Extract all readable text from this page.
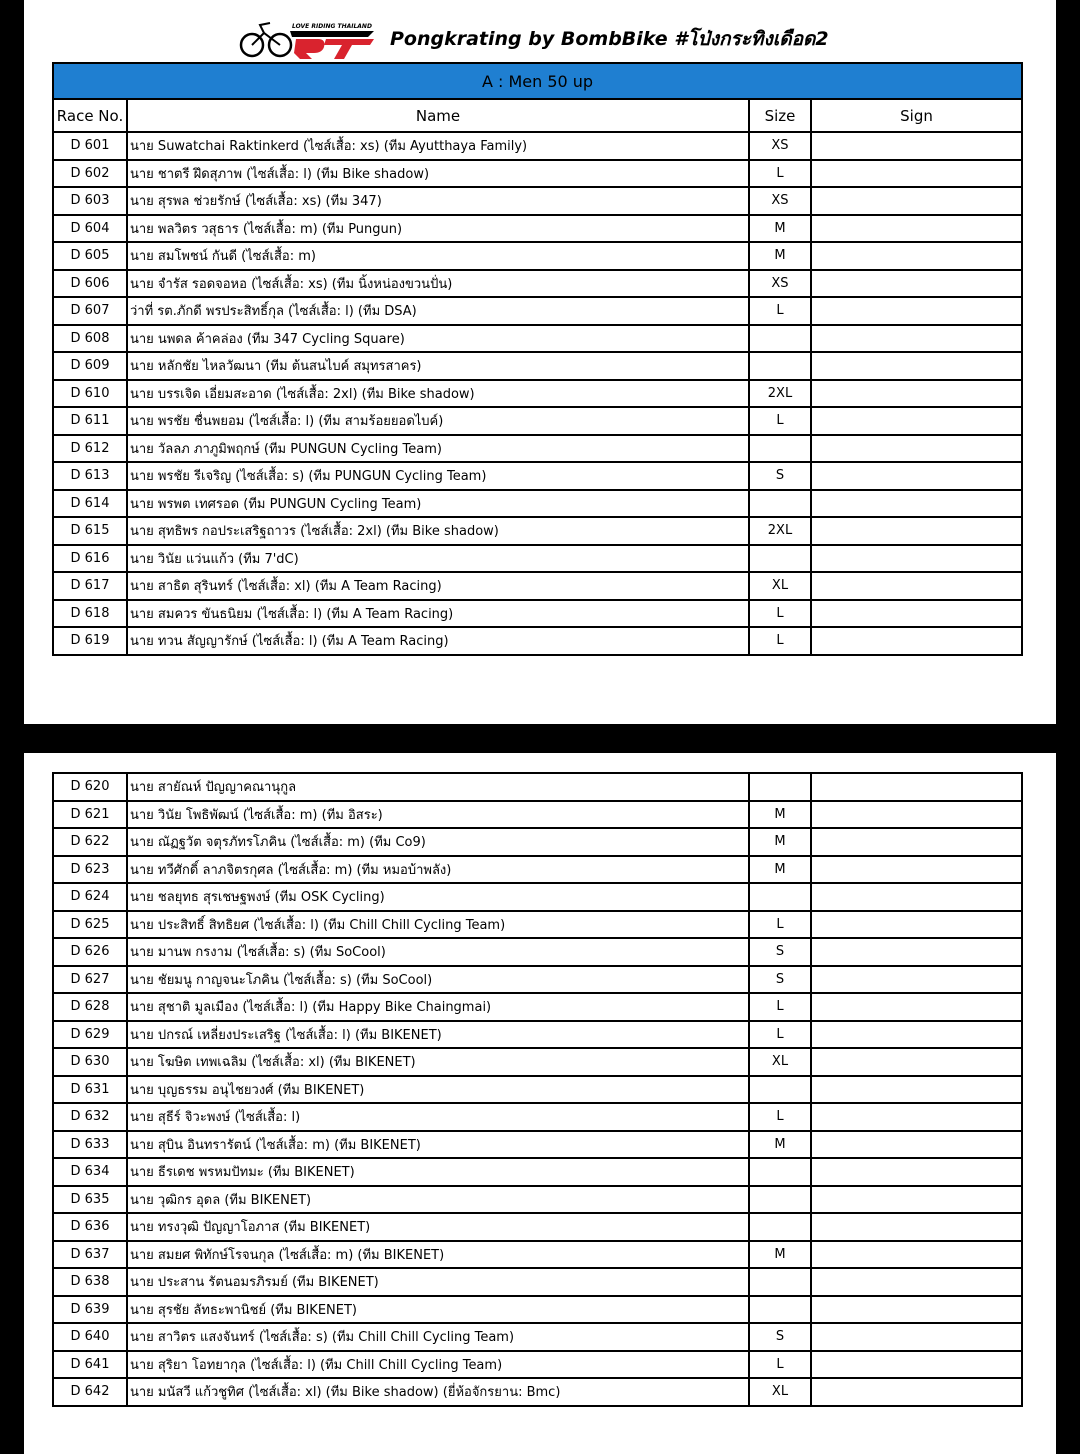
LOVE RIDING THAILAND
Pongkrating by BombBike #โป่งกระทิงเดือด2
A : Men 50 up			
Race No.	Name	Size	Sign
D 601	นาย Suwatchai Raktinkerd (ไซส์เสื้อ: xs) (ทีม Ayutthaya Family)	XS	
D 602	นาย ชาตรี ฝึดสุภาพ (ไซส์เสื้อ: l) (ทีม Bike shadow)	L	
D 603	นาย สุรพล ช่วยรักษ์ (ไซส์เสื้อ: xs) (ทีม 347)	XS	
D 604	นาย พลวิตร วสุธาร (ไซส์เสื้อ: m) (ทีม Pungun)	M	
D 605	นาย สมโพชน์ กันดี (ไซส์เสื้อ: m)	M	
D 606	นาย จำรัส รอดจอหอ (ไซส์เสื้อ: xs) (ทีม นิ้งหน่องขวนปั่น)	XS	
D 607	ว่าที่ รต.ภักดี พรประสิทธิ์กุล (ไซส์เสื้อ: l) (ทีม DSA)	L	
D 608	นาย นพดล ค้าคล่อง (ทีม 347 Cycling Square)		
D 609	นาย หลักชัย ไหลวัฒนา (ทีม ต้นสนไบค์ สมุทรสาคร)		
D 610	นาย บรรเจิด เอี่ยมสะอาด (ไซส์เสื้อ: 2xl) (ทีม Bike shadow)	2XL	
D 611	นาย พรชัย ชื่นพยอม (ไซส์เสื้อ: l) (ทีม สามร้อยยอดไบค์)	L	
D 612	นาย วัลลภ ภาภูมิพฤกษ์ (ทีม PUNGUN Cycling Team)		
D 613	นาย พรชัย รีเจริญ (ไซส์เสื้อ: s) (ทีม PUNGUN Cycling Team)	S	
D 614	นาย พรพต เทศรอด (ทีม PUNGUN Cycling Team)		
D 615	นาย สุทธิพร กอประเสริฐถาวร (ไซส์เสื้อ: 2xl) (ทีม Bike shadow)	2XL	
D 616	นาย วินัย แว่นแก้ว (ทีม 7'dC)		
D 617	นาย สาธิต สุรินทร์ (ไซส์เสื้อ: xl) (ทีม A Team Racing)	XL	
D 618	นาย สมควร ขันธนิยม (ไซส์เสื้อ: l) (ทีม A Team Racing)	L	
D 619	นาย ทวน สัญญารักษ์ (ไซส์เสื้อ: l) (ทีม A Team Racing)	L	
D 620	นาย สายัณห์ ปัญญาคณานุกูล		
D 621	นาย วินัย โพธิพัฒน์ (ไซส์เสื้อ: m) (ทีม อิสระ)	M	
D 622	นาย ณัฏฐวัต จตุรภัทรโภคิน (ไซส์เสื้อ: m) (ทีม Co9)	M	
D 623	นาย ทวีศักดิ์ ลาภจิตรกุศล (ไซส์เสื้อ: m) (ทีม หมอบ้าพลัง)	M	
D 624	นาย ชลยุทธ สุรเชษฐพงษ์ (ทีม OSK Cycling)		
D 625	นาย ประสิทธิ์ สิทธิยศ (ไซส์เสื้อ: l) (ทีม Chill Chill Cycling Team)	L	
D 626	นาย มานพ กรงาม (ไซส์เสื้อ: s) (ทีม SoCool)	S	
D 627	นาย ชัยมนู กาญจนะโภคิน (ไซส์เสื้อ: s) (ทีม SoCool)	S	
D 628	นาย สุชาติ มูลเมือง (ไซส์เสื้อ: l) (ทีม Happy Bike Chaingmai)	L	
D 629	นาย ปกรณ์ เหลี่ยงประเสริฐ (ไซส์เสื้อ: l) (ทีม BIKENET)	L	
D 630	นาย โฆษิต เทพเฉลิม (ไซส์เสื้อ: xl) (ทีม BIKENET)	XL	
D 631	นาย บุญธรรม อนุไชยวงศ์ (ทีม BIKENET)		
D 632	นาย สุธีร์ จิวะพงษ์ (ไซส์เสื้อ: l)	L	
D 633	นาย สุบิน อินทรารัตน์ (ไซส์เสื้อ: m) (ทีม BIKENET)	M	
D 634	นาย ธีรเดช พรหมปัทมะ (ทีม BIKENET)		
D 635	นาย วุฒิกร อุดล (ทีม BIKENET)		
D 636	นาย ทรงวุฒิ ปัญญาโอภาส (ทีม BIKENET)		
D 637	นาย สมยศ พิทักษ์โรจนกุล (ไซส์เสื้อ: m) (ทีม BIKENET)	M	
D 638	นาย ประสาน รัตนอมรภิรมย์ (ทีม BIKENET)		
D 639	นาย สุรชัย ลัทธะพานิชย์ (ทีม BIKENET)		
D 640	นาย สาวิตร แสงจันทร์ (ไซส์เสื้อ: s) (ทีม Chill Chill Cycling Team)	S	
D 641	นาย สุริยา โอทยากุล (ไซส์เสื้อ: l) (ทีม Chill Chill Cycling Team)	L	
D 642	นาย มนัสวี แก้วชูทิศ (ไซส์เสื้อ: xl) (ทีม Bike shadow) (ยี่ห้อจักรยาน: Bmc)	XL	
